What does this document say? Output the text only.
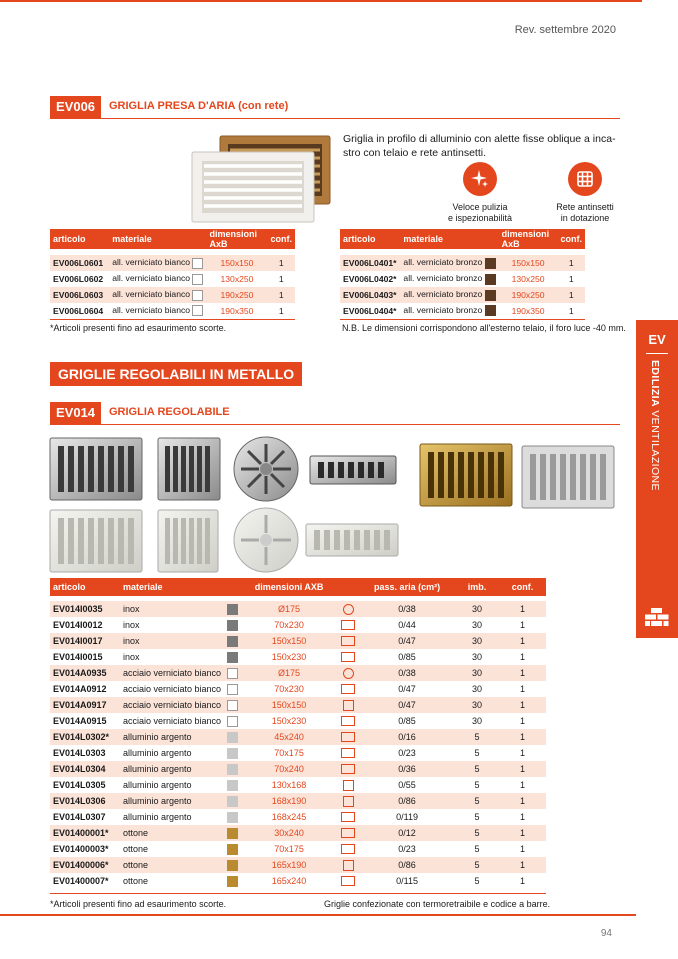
Rev. settembre 2020
EV006	GRIGLIA PRESA D'ARIA (con rete)
Griglia in profilo di alluminio con alette fisse oblique a inca-
stro con telaio e rete antinsetti.
Veloce pulizia
e ispezionabilità
Rete antinsetti
in dotazione
articolo	materiale	dimensioni AxB	conf.

EV006L0601	all. verniciato bianco	150x150	1
EV006L0602	all. verniciato bianco	130x250	1
EV006L0603	all. verniciato bianco	190x250	1
EV006L0604	all. verniciato bianco	190x350	1
articolo	materiale	dimensioni AxB	conf.

EV006L0401*	all. verniciato bronzo	150x150	1
EV006L0402*	all. verniciato bronzo	130x250	1
EV006L0403*	all. verniciato bronzo	190x250	1
EV006L0404*	all. verniciato bronzo	190x350	1
*Articoli presenti fino ad esaurimento scorte.	N.B. Le dimensioni corrispondono all'esterno telaio, il foro luce -40 mm.
GRIGLIE REGOLABILI IN METALLO
EV014	GRIGLIA REGOLABILE
articolo	materiale		dimensioni AXB		pass. aria (cm²)	imb.	conf.

EV014I0035	inox		Ø175		0/38	30	1
EV014I0012	inox		70x230		0/44	30	1
EV014I0017	inox		150x150		0/47	30	1
EV014I0015	inox		150x230		0/85	30	1
EV014A0935	acciaio verniciato bianco		Ø175		0/38	30	1
EV014A0912	acciaio verniciato bianco		70x230		0/47	30	1
EV014A0917	acciaio verniciato bianco		150x150		0/47	30	1
EV014A0915	acciaio verniciato bianco		150x230		0/85	30	1
EV014L0302*	alluminio argento		45x240		0/16	5	1
EV014L0303	alluminio argento		70x175		0/23	5	1
EV014L0304	alluminio argento		70x240		0/36	5	1
EV014L0305	alluminio argento		130x168		0/55	5	1
EV014L0306	alluminio argento		168x190		0/86	5	1
EV014L0307	alluminio argento		168x245		0/119	5	1
EV01400001*	ottone		30x240		0/12	5	1
EV01400003*	ottone		70x175		0/23	5	1
EV01400006*	ottone		165x190		0/86	5	1
EV01400007*	ottone		165x240		0/115	5	1
*Articoli presenti fino ad esaurimento scorte.	Griglie confezionate con termoretraibile e codice a barre.
94
EV
EDILIZIA VENTILAZIONE
